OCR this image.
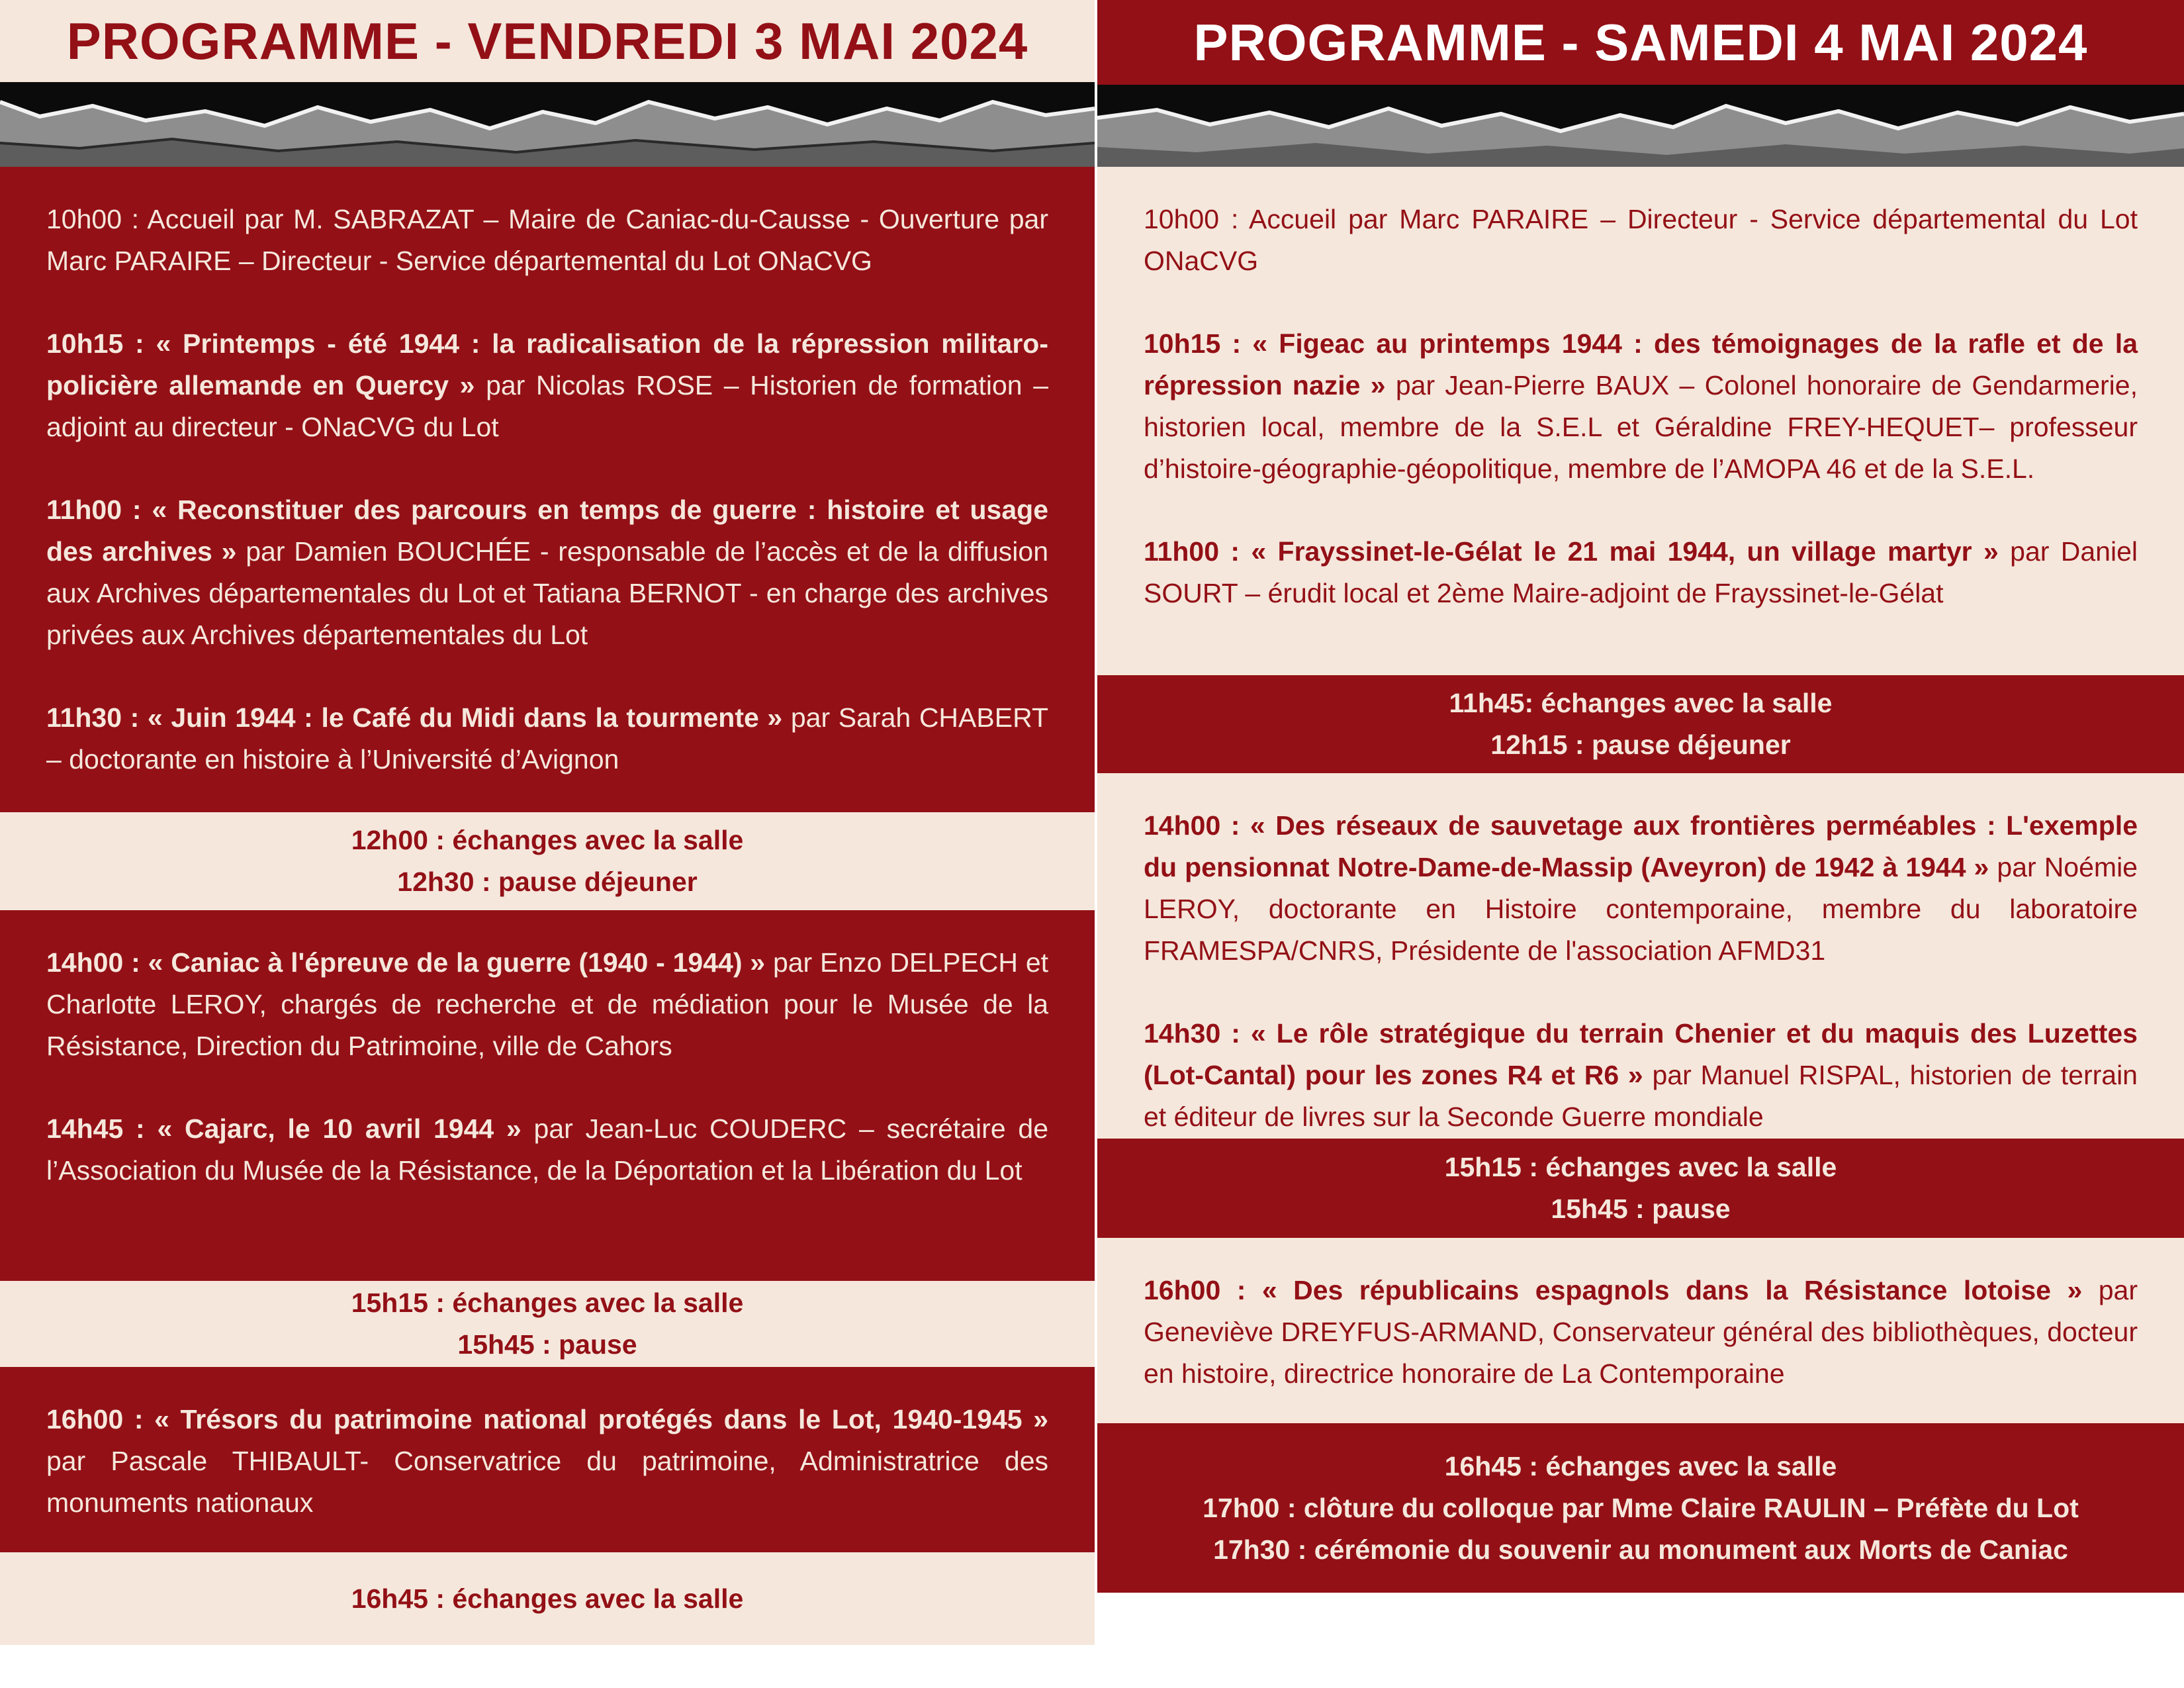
PROGRAMME - VENDREDI 3 MAI 2024

10h00 : Accueil par M. SABRAZAT – Maire de Caniac-du-Causse - Ouverture par Marc PARAIRE – Directeur - Service départemental du Lot ONaCVG

10h15 : « Printemps - été 1944 : la radicalisation de la répression militaro-policière allemande en Quercy » par Nicolas ROSE – Historien de formation – adjoint au directeur - ONaCVG du Lot

11h00 : « Reconstituer des parcours en temps de guerre : histoire et usage des archives » par Damien BOUCHÉE - responsable de l’accès et de la diffusion aux Archives départementales du Lot et Tatiana BERNOT - en charge des archives privées aux Archives départementales du Lot

11h30 : « Juin 1944 : le Café du Midi dans la tourmente » par Sarah CHABERT – doctorante en histoire à l’Université d’Avignon

12h00 : échanges avec la salle

12h30 : pause déjeuner

14h00 : « Caniac à l'épreuve de la guerre (1940 - 1944) » par Enzo DELPECH et Charlotte LEROY, chargés de recherche et de médiation pour le Musée de la Résistance, Direction du Patrimoine, ville de Cahors

14h45 : « Cajarc, le 10 avril 1944 » par Jean-Luc COUDERC – secrétaire de l’Association du Musée de la Résistance, de la Déportation et la Libération du Lot

15h15 : échanges avec la salle

15h45 : pause

16h00 : « Trésors du patrimoine national protégés dans le Lot, 1940-1945 » par Pascale THIBAULT- Conservatrice du patrimoine, Administratrice des monuments nationaux

16h45 : échanges avec la salle

PROGRAMME - SAMEDI 4 MAI 2024

10h00 : Accueil par Marc PARAIRE – Directeur - Service départemental du Lot ONaCVG

10h15 : « Figeac au printemps 1944 : des témoignages de la rafle et de la répression nazie » par Jean-Pierre BAUX – Colonel honoraire de Gendarmerie, historien local, membre de la S.E.L et Géraldine FREY-HEQUET– professeur d’histoire-géographie-géopolitique, membre de l’AMOPA 46 et de la S.E.L.

11h00 : « Frayssinet-le-Gélat le 21 mai 1944, un village martyr » par Daniel SOURT – érudit local et 2ème Maire-adjoint de Frayssinet-le-Gélat

11h45: échanges avec la salle

12h15 : pause déjeuner

14h00 : « Des réseaux de sauvetage aux frontières perméables : L'exemple du pensionnat Notre-Dame-de-Massip (Aveyron) de 1942 à 1944 » par Noémie LEROY, doctorante en Histoire contemporaine, membre du laboratoire FRAMESPA/CNRS, Présidente de l'association AFMD31

14h30 : « Le rôle stratégique du terrain Chenier et du maquis des Luzettes (Lot-Cantal) pour les zones R4 et R6 » par Manuel RISPAL, historien de terrain et éditeur de livres sur la Seconde Guerre mondiale

15h15 : échanges avec la salle

15h45 : pause

16h00 : « Des républicains espagnols dans la Résistance lotoise » par Geneviève DREYFUS-ARMAND, Conservateur général des bibliothèques, docteur en histoire, directrice honoraire de La Contemporaine

16h45 : échanges avec la salle

17h00 : clôture du colloque par Mme Claire RAULIN – Préfète du Lot

17h30 : cérémonie du souvenir au monument aux Morts de Caniac
